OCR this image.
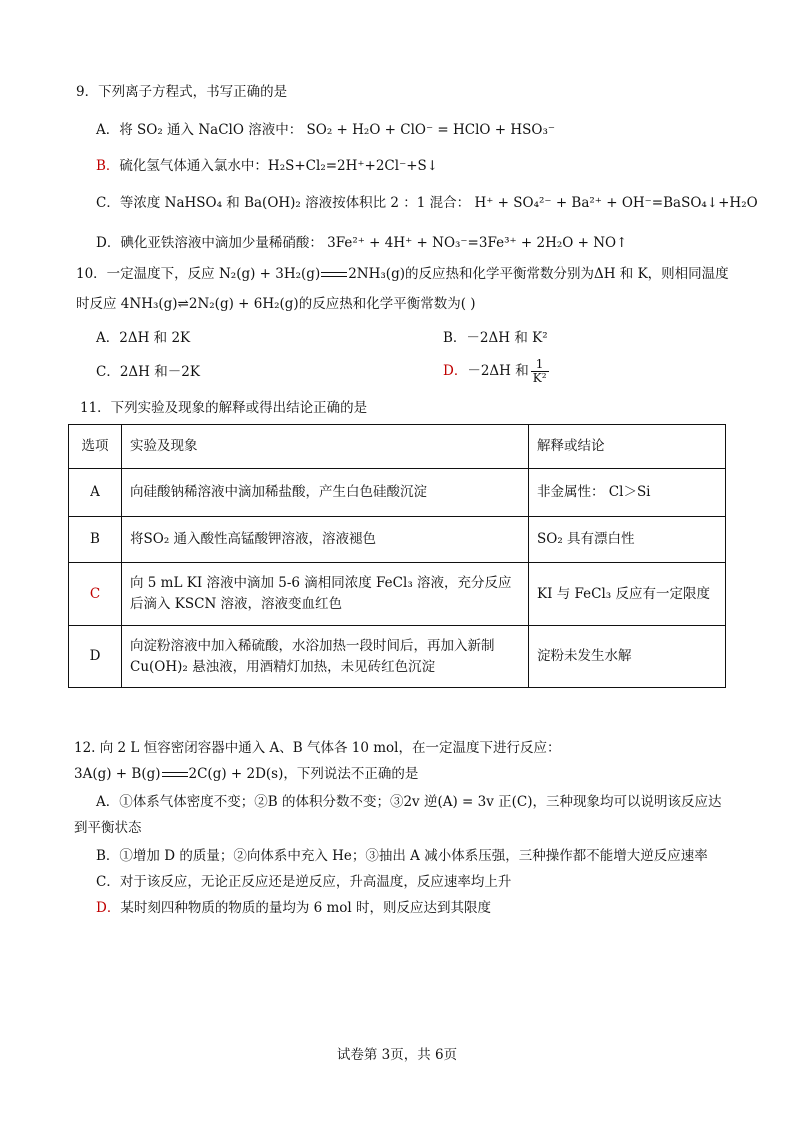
9．下列离子方程式，书写正确的是
A．将 SO₂ 通入 NaClO 溶液中： SO₂ + H₂O + ClO⁻ = HClO + HSO₃⁻
B．硫化氢气体通入氯水中：H₂S+Cl₂=2H⁺+2Cl⁻+S↓
C．等浓度 NaHSO₄ 和 Ba(OH)₂ 溶液按体积比 2 ：1 混合： H⁺ + SO₄²⁻ + Ba²⁺ + OH⁻=BaSO₄↓+H₂O
D．碘化亚铁溶液中滴加少量稀硝酸： 3Fe²⁺ + 4H⁺ + NO₃⁻=3Fe³⁺ + 2H₂O + NO↑
10．一定温度下，反应 N₂(g) + 3H₂(g) 2NH₃(g)的反应热和化学平衡常数分别为ΔH 和 K，则相同温度
时反应 4NH₃(g)⇌2N₂(g) + 6H₂(g)的反应热和化学平衡常数为( )
A．2ΔH 和 2K	B．－2ΔH 和 K²
C．2ΔH 和－2K	D．－2ΔH 和 $\frac{1}{\text{K²}}$
11．下列实验及现象的解释或得出结论正确的是
选项	实验及现象	解释或结论
A	向硅酸钠稀溶液中滴加稀盐酸，产生白色硅酸沉淀	非金属性： Cl＞Si
B	将SO₂ 通入酸性高锰酸钾溶液，溶液褪色	SO₂ 具有漂白性
C	向 5 mL KI 溶液中滴加 5-6 滴相同浓度 FeCl₃ 溶液，充分反应后滴入 KSCN 溶液，溶液变血红色	KI 与 FeCl₃ 反应有一定限度
D	向淀粉溶液中加入稀硫酸，水浴加热一段时间后，再加入新制 Cu(OH)₂ 悬浊液，用酒精灯加热，未见砖红色沉淀	淀粉未发生水解
12. 向 2 L 恒容密闭容器中通入 A、B 气体各 10 mol，在一定温度下进行反应：
3A(g) + B(g) 2C(g) + 2D(s)，下列说法不正确的是
A．①体系气体密度不变；②B 的体积分数不变；③2v 逆(A) = 3v 正(C)，三种现象均可以说明该反应达
到平衡状态
B．①增加 D 的质量；②向体系中充入 He；③抽出 A 减小体系压强，三种操作都不能增大逆反应速率
C．对于该反应，无论正反应还是逆反应，升高温度，反应速率均上升
D．某时刻四种物质的物质的量均为 6 mol 时，则反应达到其限度
试卷第 3页，共 6页
